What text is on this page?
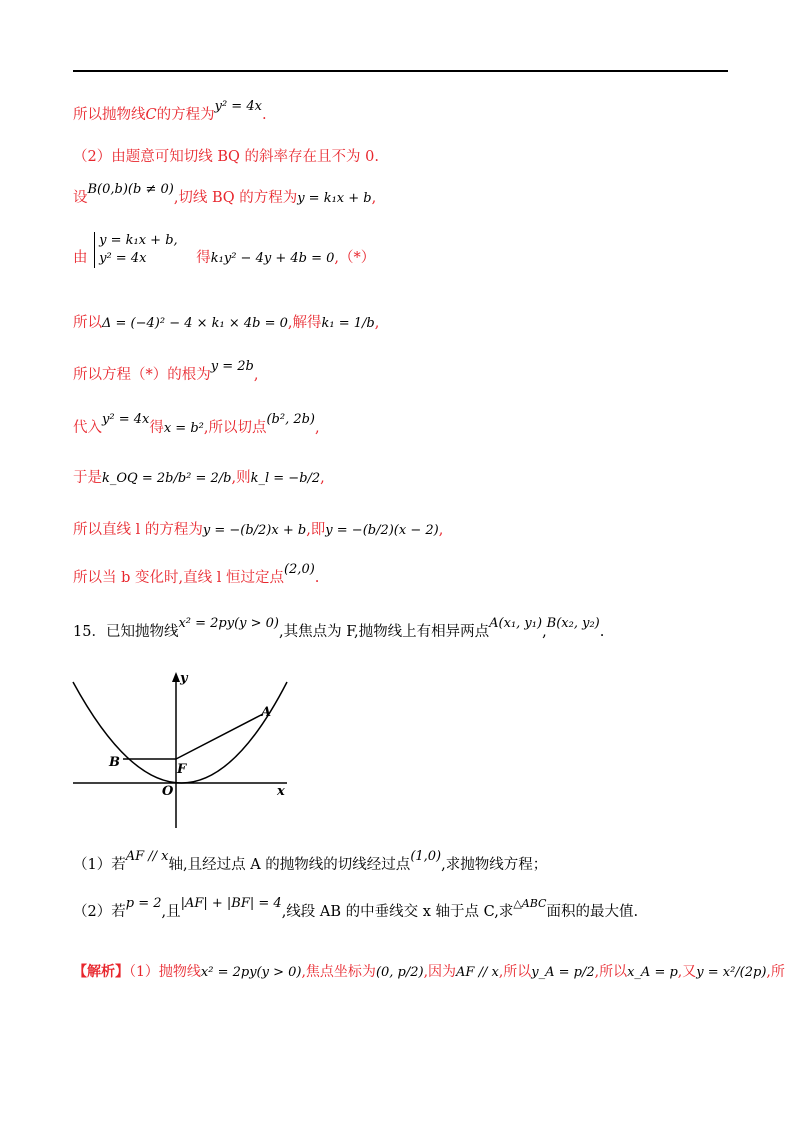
所以抛物线C的方程为y² = 4x.
（2）由题意可知切线 BQ 的斜率存在且不为 0.
设B(0,b)(b ≠ 0),切线 BQ 的方程为y = k₁x + b,
由
y = k₁x + b,
y² = 4x	得k₁y² − 4y + 4b = 0,（*）
所以Δ = (−4)² − 4 × k₁ × 4b = 0,解得k₁ = 1/b,
所以方程（*）的根为y = 2b,
代入y² = 4x得x = b²,所以切点(b², 2b),
于是k_OQ = 2b/b² = 2/b,则k_l = −b/2,
所以直线 l 的方程为y = −(b/2)x + b,即y = −(b/2)(x − 2),
所以当 b 变化时,直线 l 恒过定点(2,0).
15．已知抛物线x² = 2py(y > 0),其焦点为 F,抛物线上有相异两点A(x₁, y₁),B(x₂, y₂).
y
x
O
A
B	F
（1）若AF // x轴,且经过点 A 的抛物线的切线经过点(1,0),求抛物线方程；
（2）若p = 2,且|AF| + |BF| = 4,线段 AB 的中垂线交 x 轴于点 C,求$^{\triangle ABC}$面积的最大值.
【解析】（1）抛物线x² = 2py(y > 0),焦点坐标为(0, p/2),因为AF // x,所以y_A = p/2,所以x_A = p,又y = x²/(2p),所
